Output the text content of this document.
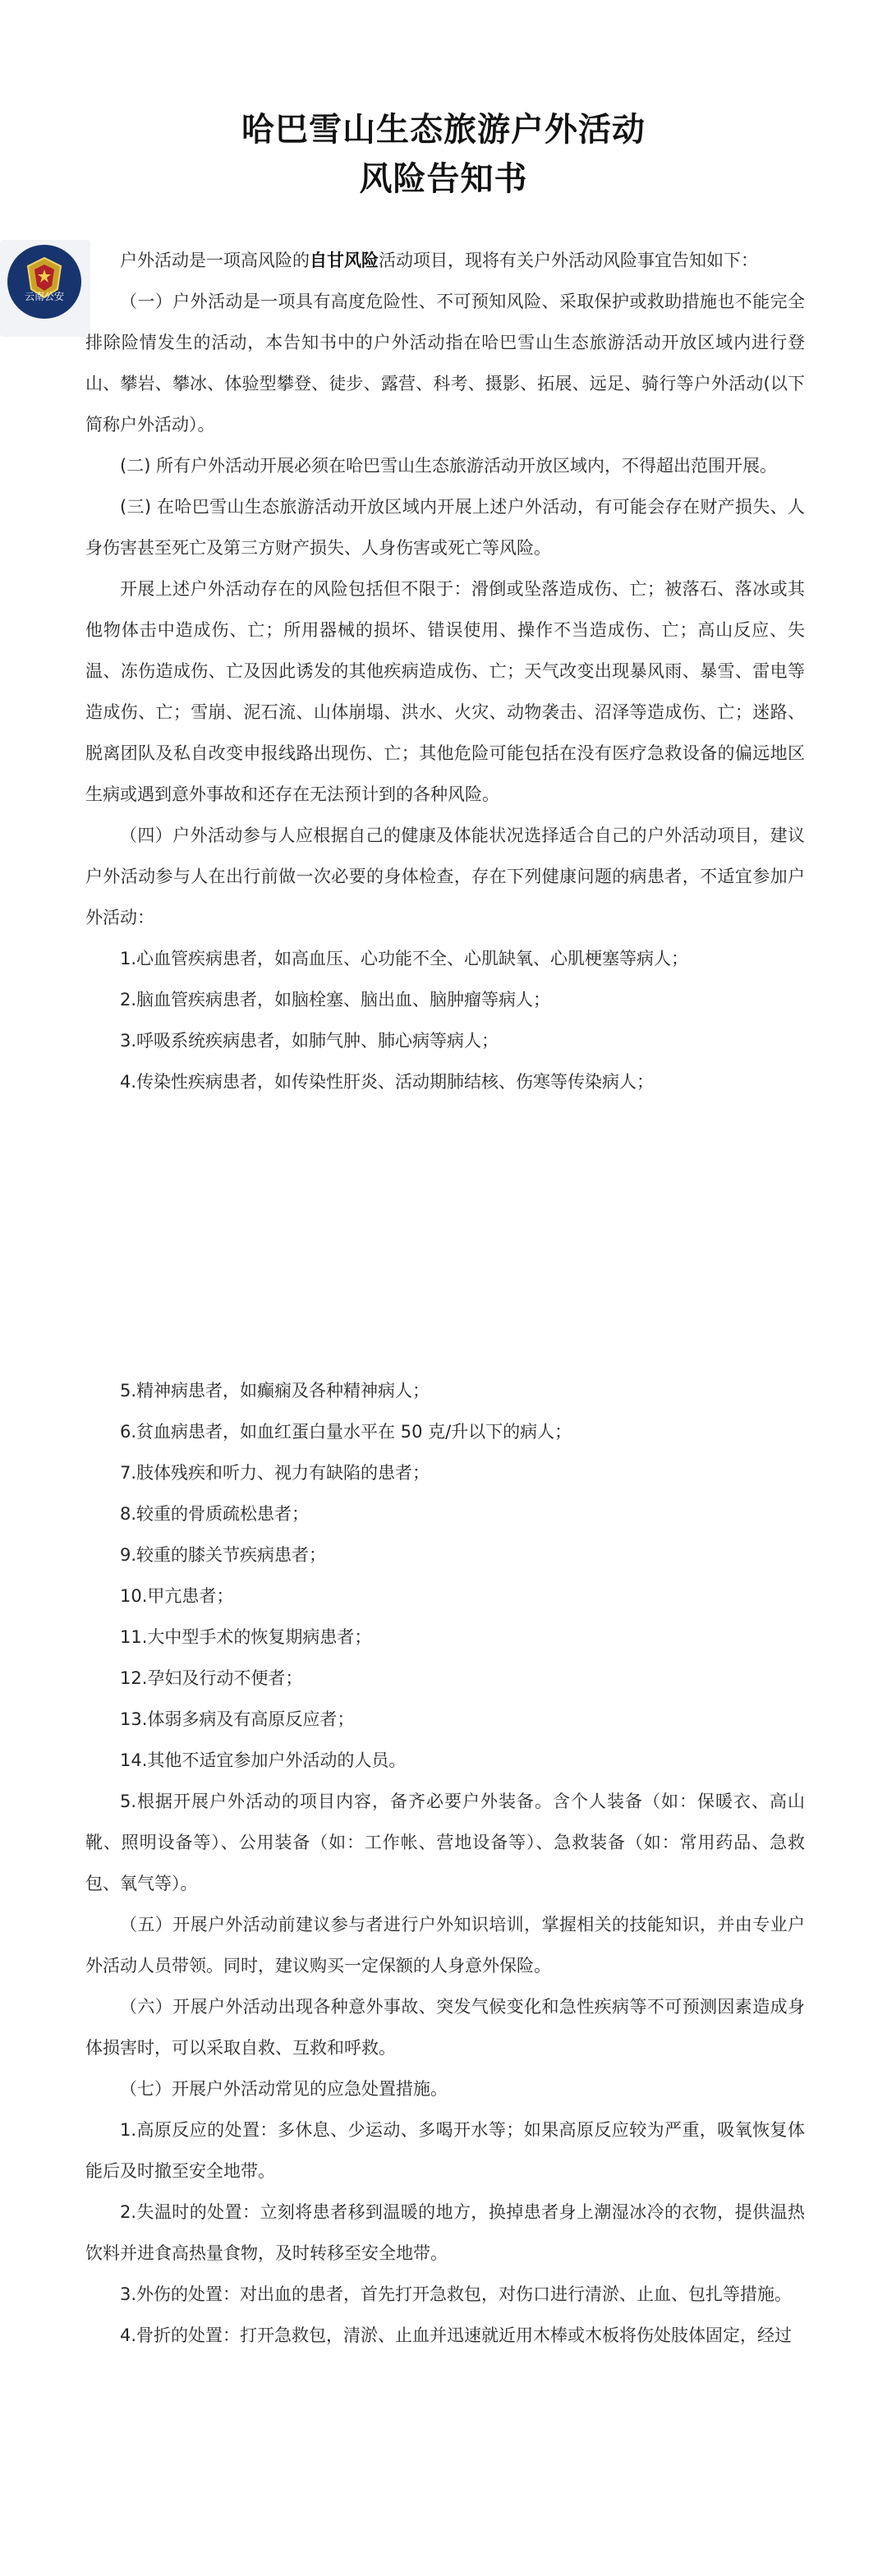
哈巴雪山生态旅游户外活动
风险告知书
云南公安

户外活动是一项高风险的自甘风险活动项目，现将有关户外活动风险事宜告知如下：

（一）户外活动是一项具有高度危险性、不可预知风险、采取保护或救助措施也不能完全排除险情发生的活动，本告知书中的户外活动指在哈巴雪山生态旅游活动开放区域内进行登山、攀岩、攀冰、体验型攀登、徒步、露营、科考、摄影、拓展、远足、骑行等户外活动(以下简称户外活动）。

(二) 所有户外活动开展必须在哈巴雪山生态旅游活动开放区域内，不得超出范围开展。

(三) 在哈巴雪山生态旅游活动开放区域内开展上述户外活动，有可能会存在财产损失、人身伤害甚至死亡及第三方财产损失、人身伤害或死亡等风险。

开展上述户外活动存在的风险包括但不限于：滑倒或坠落造成伤、亡；被落石、落冰或其他物体击中造成伤、亡；所用器械的损坏、错误使用、操作不当造成伤、亡；高山反应、失温、冻伤造成伤、亡及因此诱发的其他疾病造成伤、亡；天气改变出现暴风雨、暴雪、雷电等造成伤、亡；雪崩、泥石流、山体崩塌、洪水、火灾、动物袭击、沼泽等造成伤、亡；迷路、脱离团队及私自改变申报线路出现伤、亡；其他危险可能包括在没有医疗急救设备的偏远地区生病或遇到意外事故和还存在无法预计到的各种风险。

（四）户外活动参与人应根据自己的健康及体能状况选择适合自己的户外活动项目，建议户外活动参与人在出行前做一次必要的身体检查，存在下列健康问题的病患者，不适宜参加户外活动：

1.心血管疾病患者，如高血压、心功能不全、心肌缺氧、心肌梗塞等病人；

2.脑血管疾病患者，如脑栓塞、脑出血、脑肿瘤等病人；

3.呼吸系统疾病患者，如肺气肿、肺心病等病人；

4.传染性疾病患者，如传染性肝炎、活动期肺结核、伤寒等传染病人；

5.精神病患者，如癫痫及各种精神病人；

6.贫血病患者，如血红蛋白量水平在 50 克/升以下的病人；

7.肢体残疾和听力、视力有缺陷的患者；

8.较重的骨质疏松患者；

9.较重的膝关节疾病患者；

10.甲亢患者；

11.大中型手术的恢复期病患者；

12.孕妇及行动不便者；

13.体弱多病及有高原反应者；

14.其他不适宜参加户外活动的人员。

5.根据开展户外活动的项目内容，备齐必要户外装备。含个人装备（如：保暖衣、高山靴、照明设备等）、公用装备（如：工作帐、营地设备等）、急救装备（如：常用药品、急救包、氧气等）。

（五）开展户外活动前建议参与者进行户外知识培训，掌握相关的技能知识，并由专业户外活动人员带领。同时，建议购买一定保额的人身意外保险。

（六）开展户外活动出现各种意外事故、突发气候变化和急性疾病等不可预测因素造成身体损害时，可以采取自救、互救和呼救。

（七）开展户外活动常见的应急处置措施。

1.高原反应的处置：多休息、少运动、多喝开水等；如果高原反应较为严重，吸氧恢复体能后及时撤至安全地带。

2.失温时的处置：立刻将患者移到温暖的地方，换掉患者身上潮湿冰冷的衣物，提供温热饮料并进食高热量食物，及时转移至安全地带。

3.外伤的处置：对出血的患者，首先打开急救包，对伤口进行清淤、止血、包扎等措施。

4.骨折的处置：打开急救包，清淤、止血并迅速就近用木棒或木板将伤处肢体固定，经过
